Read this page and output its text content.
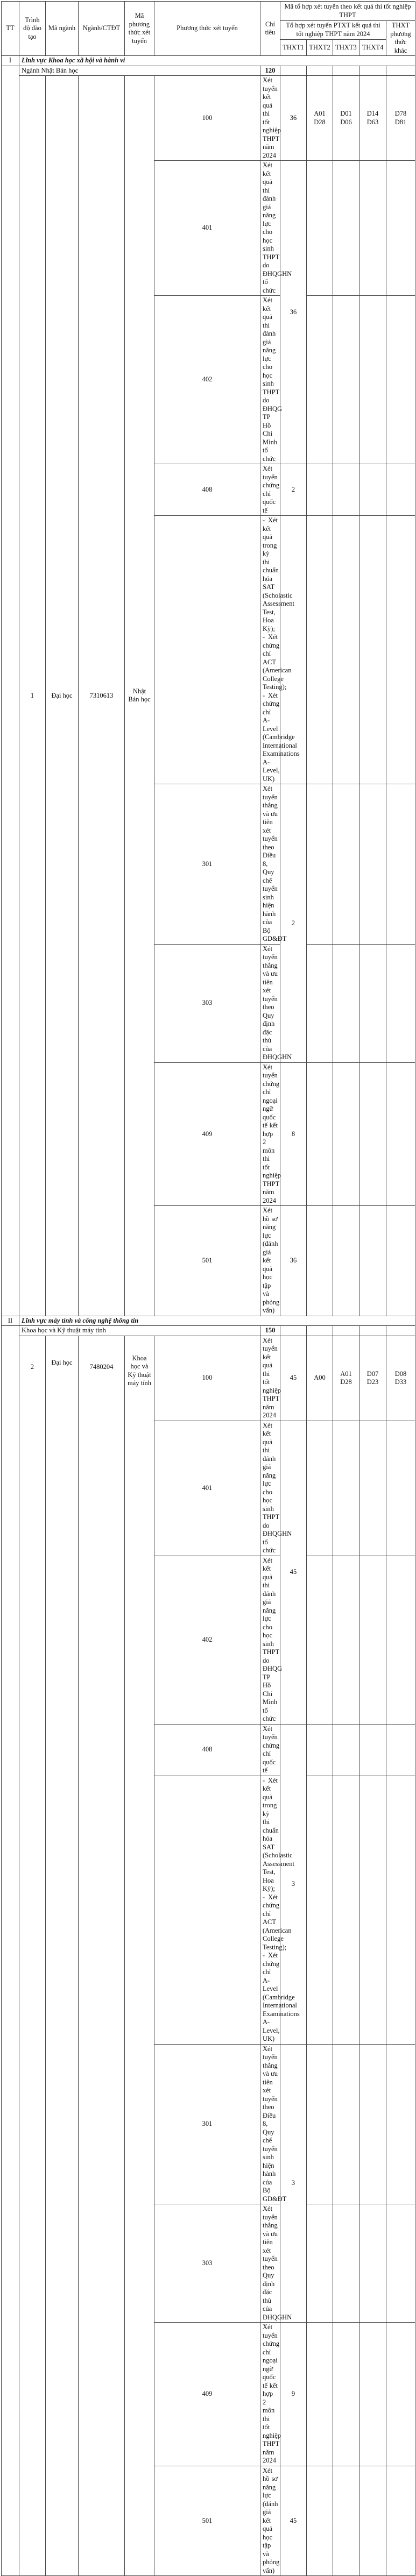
TT	Trình độ đào tạo	Mã ngành	Ngành/CTĐT	Mã phương thức xét tuyển	Phương thức xét tuyển	Chỉ tiêu	Mã tổ hợp xét tuyển theo kết quả thi tốt nghiệp THPT					
							Tổ hợp xét tuyển PTXT kết quả thi tốt nghiệp THPT năm 2024				THXT phương thức khác	
							THXT1	THXT2	THXT3	THXT4		
I	Lĩnh vực Khoa học xã hội và hành vi											
	Ngành Nhật Bản học					120						
	1	Đại học	7310613	Nhật Bản học	100	Xét tuyển kết quả thi tốt nghiệp THPT năm 2024	36	A01 D28	D01 D06	D14 D63	D78 D81	
					401	Xét kết quả thi đánh giá năng lực cho học sinh THPT do ĐHQGHN tổ chức	36					
					402	Xét kết quả thi đánh giá năng lực cho học sinh THPT do ĐHQG TP Hồ Chí Minh tổ chức						
					408	Xét tuyển chứng chỉ quốc tế	2					

						- Xét kết quả trong kỳ thi chuẩn hóa SAT (Scholastic Assessment Test, Hoa Kỳ);
- Xét chứng chỉ ACT (American College Testing);
- Xét chứng chỉ A-Level (Cambridge International Examinations A-Level, UK)

					301	Xét tuyển thẳng và ưu tiên xét tuyển theo Điều 8, Quy chế tuyển sinh hiện hành của Bộ GD&ĐT	2					
					303	Xét tuyển thẳng và ưu tiên xét tuyển theo Quy định đặc thù của ĐHQGHN					
					409	Xét tuyển chứng chỉ ngoại ngữ quốc tế kết hợp 2 môn thi tốt nghiệp THPT năm 2024	8					
					501	Xét hồ sơ năng lực (đánh giá kết quả học tập và phỏng vấn)	36					
II	Lĩnh vực máy tính và công nghệ thông tin											
	Khoa học và Kỹ thuật máy tính					150						
	2	Đại học	7480204	Khoa học và Kỹ thuật máy tính	100	Xét tuyển kết quả thi tốt nghiệp THPT năm 2024	45	A00	A01 D28	D07 D23	D08 D33	
					401	Xét kết quả thi đánh giá năng lực cho học sinh THPT do ĐHQGHN tổ chức	45					
					402	Xét kết quả thi đánh giá năng lực cho học sinh THPT do ĐHQG TP Hồ Chí Minh tổ chức						
					408	Xét tuyển chứng chỉ quốc tế	3					

						- Xét kết quả trong kỳ thi chuẩn hóa SAT (Scholastic Assessment Test, Hoa Kỳ);
- Xét chứng chỉ ACT (American College Testing);
- Xét chứng chỉ A-Level (Cambridge International Examinations A-Level, UK)

					301	Xét tuyển thẳng và ưu tiên xét tuyển theo Điều 8, Quy chế tuyển sinh hiện hành của Bộ GD&ĐT	3					
					303	Xét tuyển thẳng và ưu tiên xét tuyển theo Quy định đặc thù của ĐHQGHN					
					409	Xét tuyển chứng chỉ ngoại ngữ quốc tế kết hợp 2 môn thi tốt nghiệp THPT năm 2024	9					
					501	Xét hồ sơ năng lực (đánh giá kết quả học tập và phỏng vấn)	45					
